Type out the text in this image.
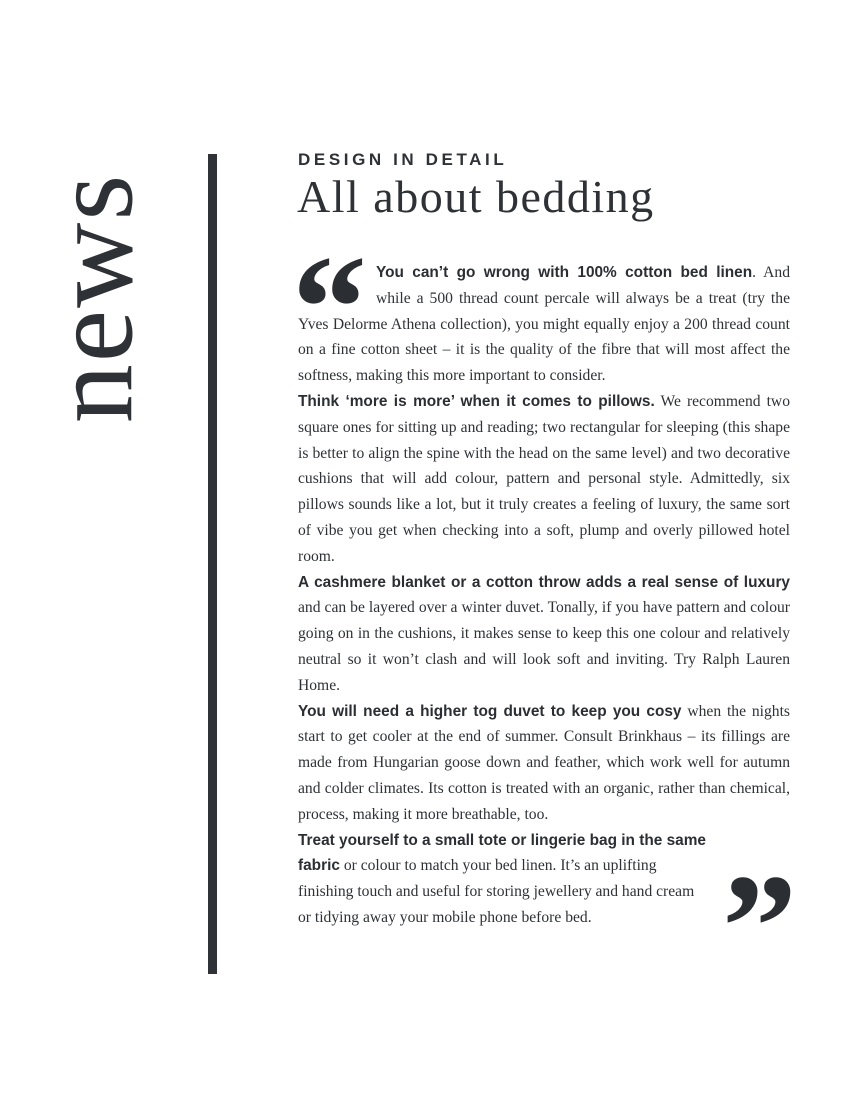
news
DESIGN IN DETAIL
All about bedding
“ You can’t go wrong with 100% cotton bed linen. And while a 500 thread count percale will always be a treat (try the Yves Delorme Athena collection), you might equally enjoy a 200 thread count on a fine cotton sheet – it is the quality of the fibre that will most affect the softness, making this more important to consider.

Think ‘more is more’ when it comes to pillows. We recommend two square ones for sitting up and reading; two rectangular for sleeping (this shape is better to align the spine with the head on the same level) and two decorative cushions that will add colour, pattern and personal style. Admittedly, six pillows sounds like a lot, but it truly creates a feeling of luxury, the same sort of vibe you get when checking into a soft, plump and overly pillowed hotel room.

A cashmere blanket or a cotton throw adds a real sense of luxury and can be layered over a winter duvet. Tonally, if you have pattern and colour going on in the cushions, it makes sense to keep this one colour and relatively neutral so it won’t clash and will look soft and inviting. Try Ralph Lauren Home.

You will need a higher tog duvet to keep you cosy when the nights start to get cooler at the end of summer. Consult Brinkhaus – its fillings are made from Hungarian goose down and feather, which work well for autumn and colder climates. Its cotton is treated with an organic, rather than chemical, process, making it more breathable, too.

Treat yourself to a small tote or lingerie bag in the same fabric or colour to match your bed linen. It’s an uplifting finishing touch and useful for storing jewellery and hand cream or tidying away your mobile phone before bed. ”
